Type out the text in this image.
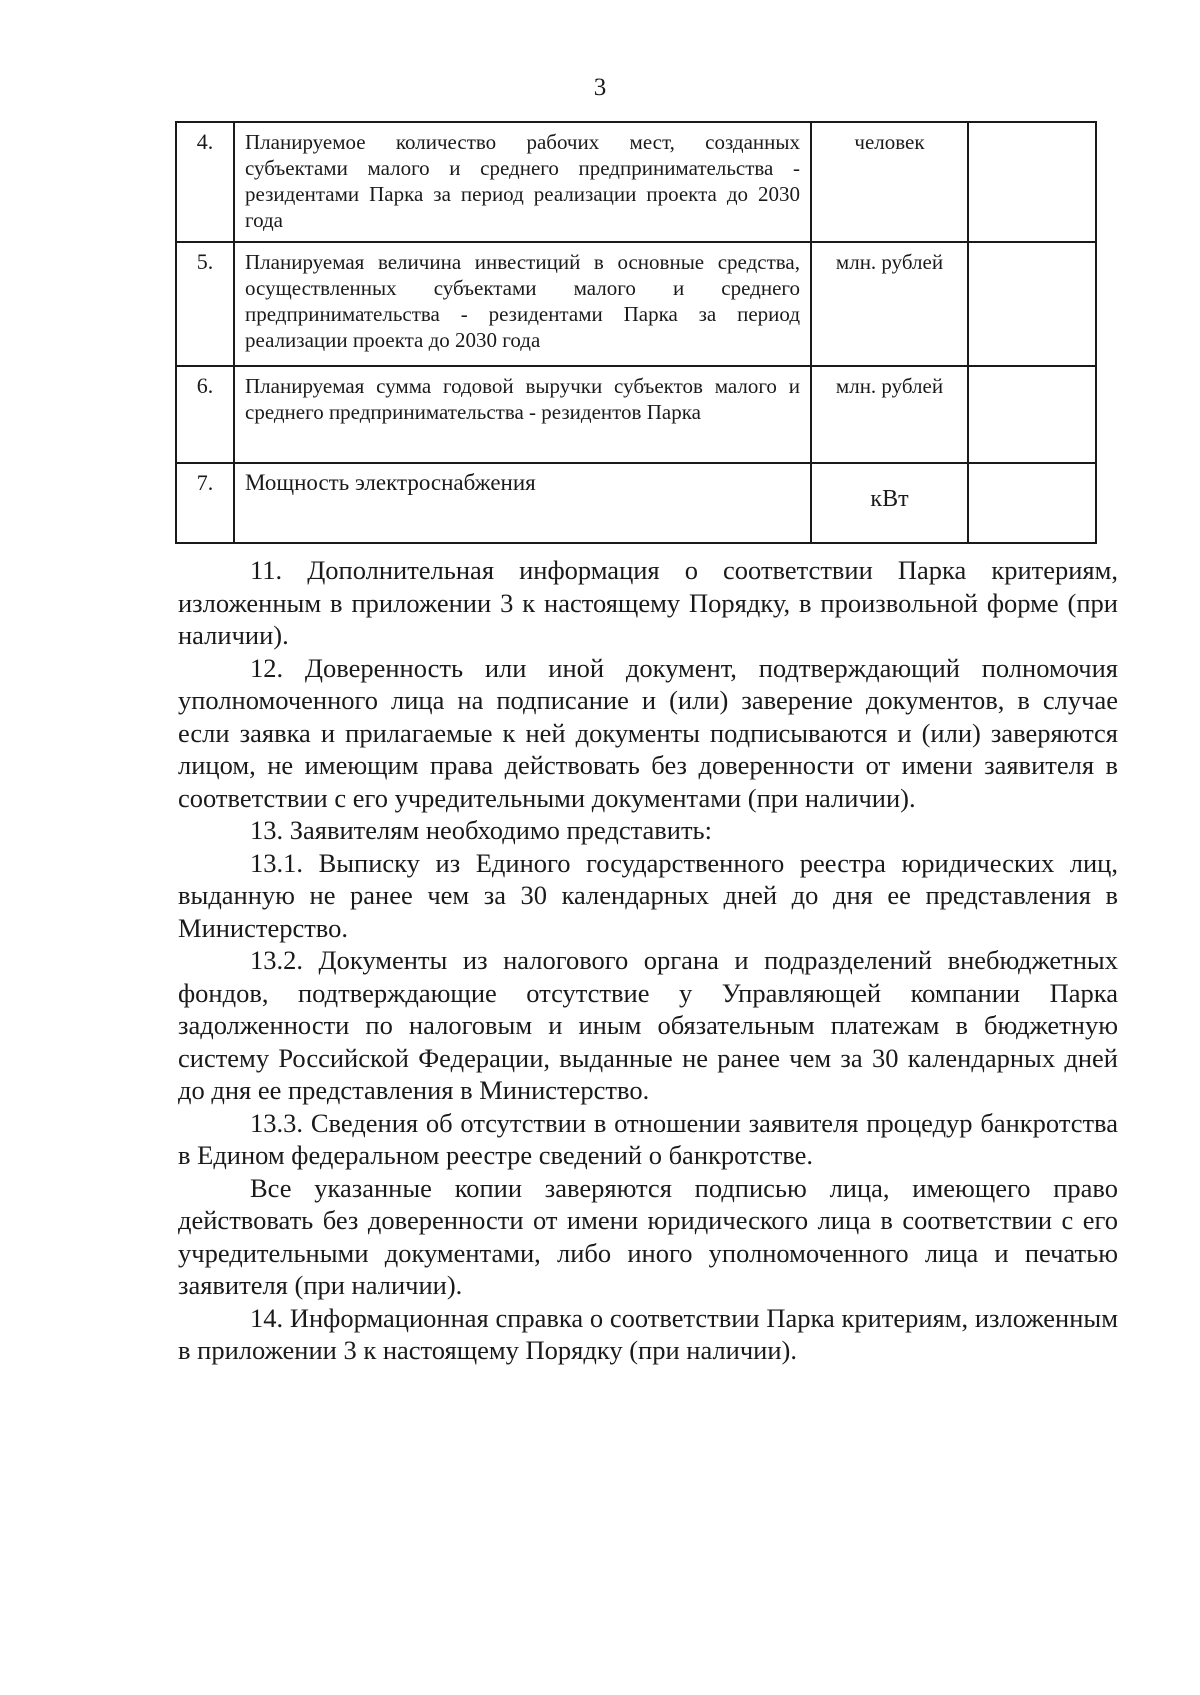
3
4.	Планируемое количество рабочих мест, созданных субъектами малого и среднего предпринимательства - резидентами Парка за период реализации проекта до 2030 года	человек	
5.	Планируемая величина инвестиций в основные средства, осуществленных субъектами малого и среднего предпринимательства - резидентами Парка за период реализации проекта до 2030 года	млн. рублей	
6.	Планируемая сумма годовой выручки субъектов малого и среднего предпринимательства - резидентов Парка	млн. рублей	
7.	Мощность электроснабжения	кВт	

11. Дополнительная информация о соответствии Парка критериям, изложенным в приложении 3 к настоящему Порядку, в произвольной форме (при наличии).

12. Доверенность или иной документ, подтверждающий полномочия уполномоченного лица на подписание и (или) заверение документов, в случае если заявка и прилагаемые к ней документы подписываются и (или) заверяются лицом, не имеющим права действовать без доверенности от имени заявителя в соответствии с его учредительными документами (при наличии).

13. Заявителям необходимо представить:

13.1. Выписку из Единого государственного реестра юридических лиц, выданную не ранее чем за 30 календарных дней до дня ее представления в Министерство.

13.2. Документы из налогового органа и подразделений внебюджетных фондов, подтверждающие отсутствие у Управляющей компании Парка задолженности по налоговым и иным обязательным платежам в бюджетную систему Российской Федерации, выданные не ранее чем за 30 календарных дней до дня ее представления в Министерство.

13.3. Сведения об отсутствии в отношении заявителя процедур банкротства в Едином федеральном реестре сведений о банкротстве.

Все указанные копии заверяются подписью лица, имеющего право действовать без доверенности от имени юридического лица в соответствии с его учредительными документами, либо иного уполномоченного лица и печатью заявителя (при наличии).

14. Информационная справка о соответствии Парка критериям, изложенным в приложении 3 к настоящему Порядку (при наличии).
